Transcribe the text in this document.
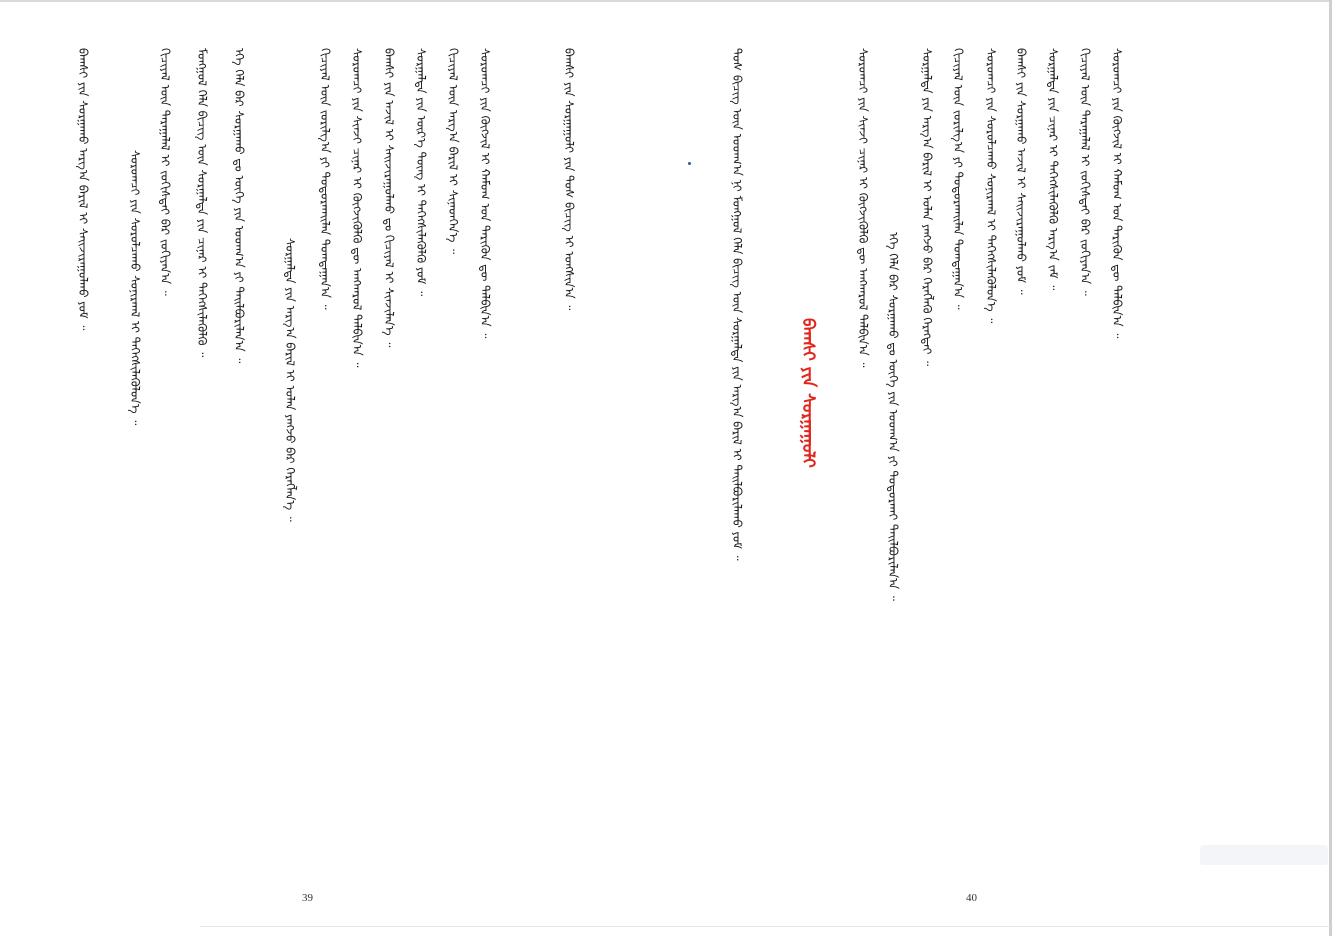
ᠪᠠᠭᠰᠢ ᠶᠢᠨ ᠰᠤᠷᠭᠠᠬᠤ ᠠᠷᠭ᠎ᠠ ᠪᠠᠷᠢᠯ ᠢ ᠰᠠᠢᠵᠢᠷᠠᠭᠤᠯᠬᠤ ᠶᠤᠮ ᠃	ᠰᠤᠷᠤᠭᠴᠢ ᠶᠢᠨ ᠰᠤᠷᠤᠯᠴᠠᠬᠤ ᠰᠣᠨᠢᠷᠬᠠᠯ ᠢ ᠳᠡᠭᠡᠭᠰᠢᠯᠡᠭᠦᠯᠦᠨ᠎ᠡ ᠃ ᠬᠢᠴᠢᠶᠡᠯ ᠦᠨ ᠳᠠᠷᠠᠭᠠᠯᠠᠯ ᠢ ᠵᠣᠬᠢᠰᠲᠠᠢ ᠪᠡᠷ ᠵᠣᠬᠢᠶᠠᠨ᠎ᠠ ᠃ ᠮᠣᠩᠭᠣᠯ ᠬᠡᠯᠡ ᠪᠢᠴᠢᠭ ᠦᠨ ᠰᠤᠷᠭᠠᠯᠲᠠ ᠶᠢᠨ ᠴᠢᠨᠠᠷ ᠢ ᠳᠡᠭᠡᠭᠰᠢᠯᠡᠭᠦᠯᠬᠦ ᠃ ᠡᠬᠡ ᠬᠡᠯᠡ ᠪᠡᠷ ᠰᠤᠷᠭᠠᠬᠤ ᠳᠤ ᠦᠭᠡ ᠶᠢᠨ ᠤᠳᠬ᠎ᠠ ᠶᠢ ᠲᠠᠢᠯᠪᠤᠷᠢᠯᠠᠨ᠎ᠠ ᠃
ᠰᠤᠷᠭᠠᠯᠲᠠ ᠶᠢᠨ ᠠᠷᠭ᠎ᠠ ᠪᠠᠷᠢᠯ ᠢ ᠣᠯᠠᠨ ᠶᠠᠩᠵᠤ ᠪᠠᠷ ᠬᠡᠷᠡᠭᠯᠡᠨ᠎ᠡ ᠃
ᠬᠢᠴᠢᠶᠡᠯ ᠦᠨ ᠵᠣᠷᠢᠯᠭ᠎ᠠ ᠶᠢ ᠲᠣᠳᠤᠷᠬᠠᠢᠯᠠᠨ ᠲᠣᠭᠲᠠᠭᠠᠨ᠎ᠠ ᠃ ᠰᠤᠷᠤᠭᠴᠢ ᠶᠢᠨ ᠰᠢᠨᠵᠢ ᠴᠢᠨᠠᠷ ᠢ ᠬᠥᠭᠵᠢᠭᠦᠯᠬᠦ ᠳᠦ ᠠᠩᠬᠠᠷᠤᠯ ᠲᠠᠯᠪᠢᠨ᠎ᠠ ᠃ ᠪᠠᠭᠰᠢ ᠶᠢᠨ ᠠᠵᠢᠯ ᠢ ᠰᠠᠢᠵᠢᠷᠠᠭᠤᠯᠬᠤ ᠳᠤ ᠬᠢᠴᠢᠶᠡᠯ ᠢ ᠰᠢᠨᠵᠢᠯᠡᠨ᠎ᠡ ᠃ ᠰᠤᠷᠭᠠᠯᠲᠠ ᠶᠢᠨ ᠦᠷ᠎ᠡ ᠳᠦᠩ ᠢ ᠳᠡᠭᠡᠭᠰᠢᠯᠡᠭᠦᠯᠬᠦ ᠶᠤᠮ ᠃ ᠬᠢᠴᠢᠶᠡᠯ ᠦᠨ ᠠᠷᠭ᠎ᠠ ᠪᠠᠷᠢᠯ ᠢ ᠰᠢᠨᠡᠳᠬᠡᠨ᠎ᠡ ᠃ ᠰᠤᠷᠤᠭᠴᠢ ᠶᠢᠨ ᠬᠥᠭᠵᠢᠯ ᠢ ᠬᠠᠮᠤᠭ ᠤᠨ ᠲᠡᠷᠢᠭᠦᠨ ᠳᠦ ᠲᠠᠯᠪᠢᠨ᠎ᠠ ᠃	ᠪᠠᠭᠰᠢ ᠶᠢᠨ ᠰᠤᠷᠭᠠᠭᠤᠯᠢ ᠶᠢᠨ ᠲᠤᠰ ᠪᠢᠴᠢᠭ ᠢ ᠤᠩᠰᠢᠨ᠎ᠠ ᠃
39
ᠲᠤᠰ ᠪᠢᠴᠢᠭ ᠦᠨ ᠤᠳᠬ᠎ᠠ ᠨᠢ ᠮᠣᠩᠭᠣᠯ ᠬᠡᠯᠡ ᠪᠢᠴᠢᠭ ᠦᠨ ᠰᠤᠷᠭᠠᠯᠲᠠ ᠶᠢᠨ ᠠᠷᠭ᠎ᠠ ᠪᠠᠷᠢᠯ ᠢ ᠲᠠᠢᠯᠪᠤᠷᠢᠯᠠᠬᠤ ᠶᠤᠮ ᠃	ᠪᠠᠭᠰᠢ ᠶᠢᠨ ᠰᠤᠷᠭᠠᠭᠤᠯᠢ
ᠰᠤᠷᠤᠭᠴᠢ ᠶᠢᠨ ᠰᠢᠨᠵᠢ ᠴᠢᠨᠠᠷ ᠢ ᠬᠥᠭᠵᠢᠭᠦᠯᠬᠦ ᠳᠦ ᠠᠩᠬᠠᠷᠤᠯ ᠲᠠᠯᠪᠢᠨ᠎ᠠ ᠃
ᠡᠬᠡ ᠬᠡᠯᠡ ᠪᠡᠷ ᠰᠤᠷᠭᠠᠬᠤ ᠳᠤ ᠦᠭᠡ ᠶᠢᠨ ᠤᠳᠬ᠎ᠠ ᠶᠢ ᠲᠣᠳᠤᠷᠬᠠᠢ ᠲᠠᠢᠯᠪᠤᠷᠢᠯᠠᠨ᠎ᠠ ᠃
ᠰᠤᠷᠭᠠᠯᠲᠠ ᠶᠢᠨ ᠠᠷᠭ᠎ᠠ ᠪᠠᠷᠢᠯ ᠢ ᠣᠯᠠᠨ ᠶᠠᠩᠵᠤ ᠪᠠᠷ ᠬᠡᠷᠡᠭᠯᠡᠬᠦ ᠬᠡᠷᠡᠭᠲᠡᠢ ᠃ ᠬᠢᠴᠢᠶᠡᠯ ᠦᠨ ᠵᠣᠷᠢᠯᠭ᠎ᠠ ᠶᠢ ᠲᠣᠳᠤᠷᠬᠠᠢᠯᠠᠨ ᠲᠣᠭᠲᠠᠭᠠᠨ᠎ᠠ ᠃ ᠰᠤᠷᠤᠭᠴᠢ ᠶᠢᠨ ᠰᠤᠷᠤᠯᠴᠠᠬᠤ ᠰᠣᠨᠢᠷᠬᠠᠯ ᠢ ᠳᠡᠭᠡᠭᠰᠢᠯᠡᠭᠦᠯᠦᠨ᠎ᠡ ᠃ ᠪᠠᠭᠰᠢ ᠶᠢᠨ ᠰᠤᠷᠭᠠᠬᠤ ᠠᠵᠢᠯ ᠢ ᠰᠠᠢᠵᠢᠷᠠᠭᠤᠯᠬᠤ ᠶᠤᠮ ᠃ ᠰᠤᠷᠭᠠᠯᠲᠠ ᠶᠢᠨ ᠴᠢᠨᠠᠷ ᠢ ᠳᠡᠭᠡᠭᠰᠢᠯᠡᠭᠦᠯᠬᠦ ᠠᠷᠭ᠎ᠠ ᠵᠠᠮ ᠃ ᠬᠢᠴᠢᠶᠡᠯ ᠦᠨ ᠳᠠᠷᠠᠭᠠᠯᠠᠯ ᠢ ᠵᠣᠬᠢᠰᠲᠠᠢ ᠪᠡᠷ ᠵᠣᠬᠢᠶᠠᠨ᠎ᠠ ᠃ ᠰᠤᠷᠤᠭᠴᠢ ᠶᠢᠨ ᠬᠥᠭᠵᠢᠯ ᠢ ᠬᠠᠮᠤᠭ ᠤᠨ ᠲᠡᠷᠢᠭᠦᠨ ᠳᠦ ᠲᠠᠯᠪᠢᠨ᠎ᠠ ᠃
40
